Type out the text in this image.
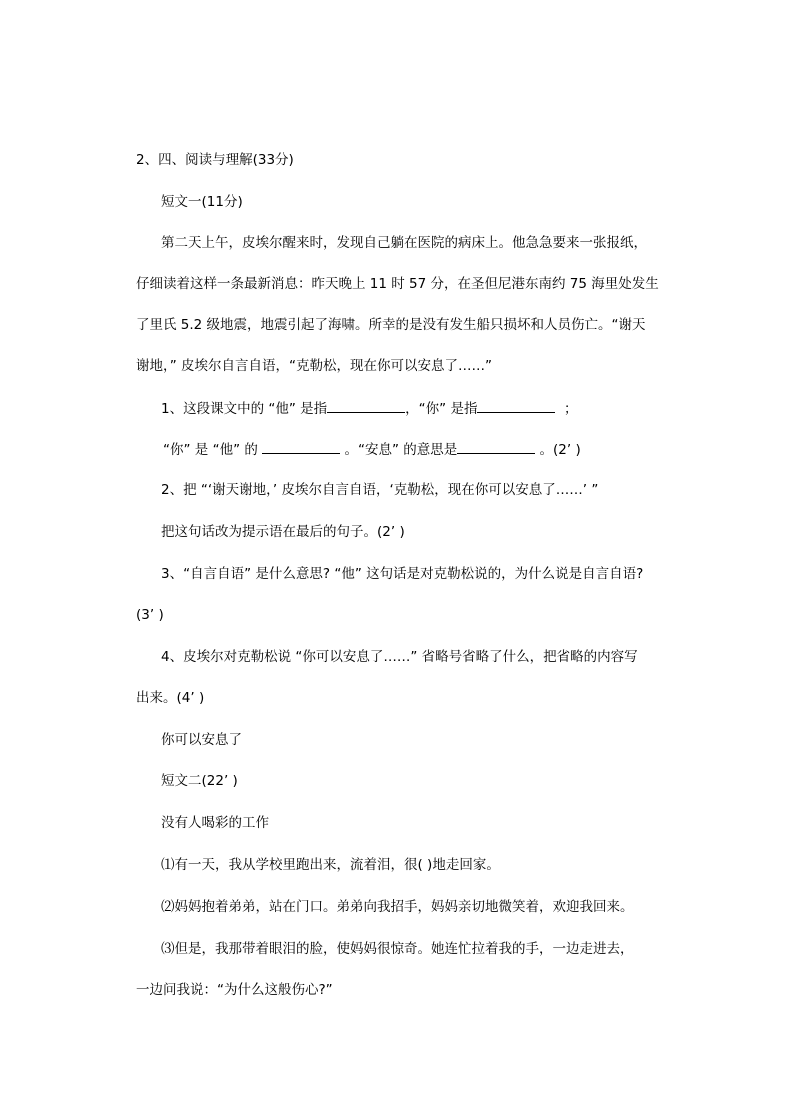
2、四、阅读与理解(33分)
短文一(11分)
第二天上午，皮埃尔醒来时，发现自己躺在医院的病床上。他急急要来一张报纸，
仔细读着这样一条最新消息：昨天晚上 11 时 57 分，在圣但尼港东南约 75 海里处发生
了里氏 5.2 级地震，地震引起了海啸。所幸的是没有发生船只损坏和人员伤亡。“谢天
谢地，” 皮埃尔自言自语，“克勒松，现在你可以安息了……”
1、这段课文中的 “他” 是指	，“你” 是指	；
“你” 是 “他” 的	。“安息” 的意思是	。(2’ )
2、把 “‘谢天谢地，’ 皮埃尔自言自语，‘克勒松，现在你可以安息了……’ ”
把这句话改为提示语在最后的句子。(2’ )
3、“自言自语” 是什么意思? “他” 这句话是对克勒松说的，为什么说是自言自语?
(3’ )
4、皮埃尔对克勒松说 “你可以安息了……” 省略号省略了什么，把省略的内容写
出来。(4’ )
你可以安息了
短文二(22’ )
没有人喝彩的工作
⑴有一天，我从学校里跑出来，流着泪，很( )地走回家。
⑵妈妈抱着弟弟，站在门口。弟弟向我招手，妈妈亲切地微笑着，欢迎我回来。
⑶但是，我那带着眼泪的脸，使妈妈很惊奇。她连忙拉着我的手，一边走进去，
一边问我说：“为什么这般伤心?”
